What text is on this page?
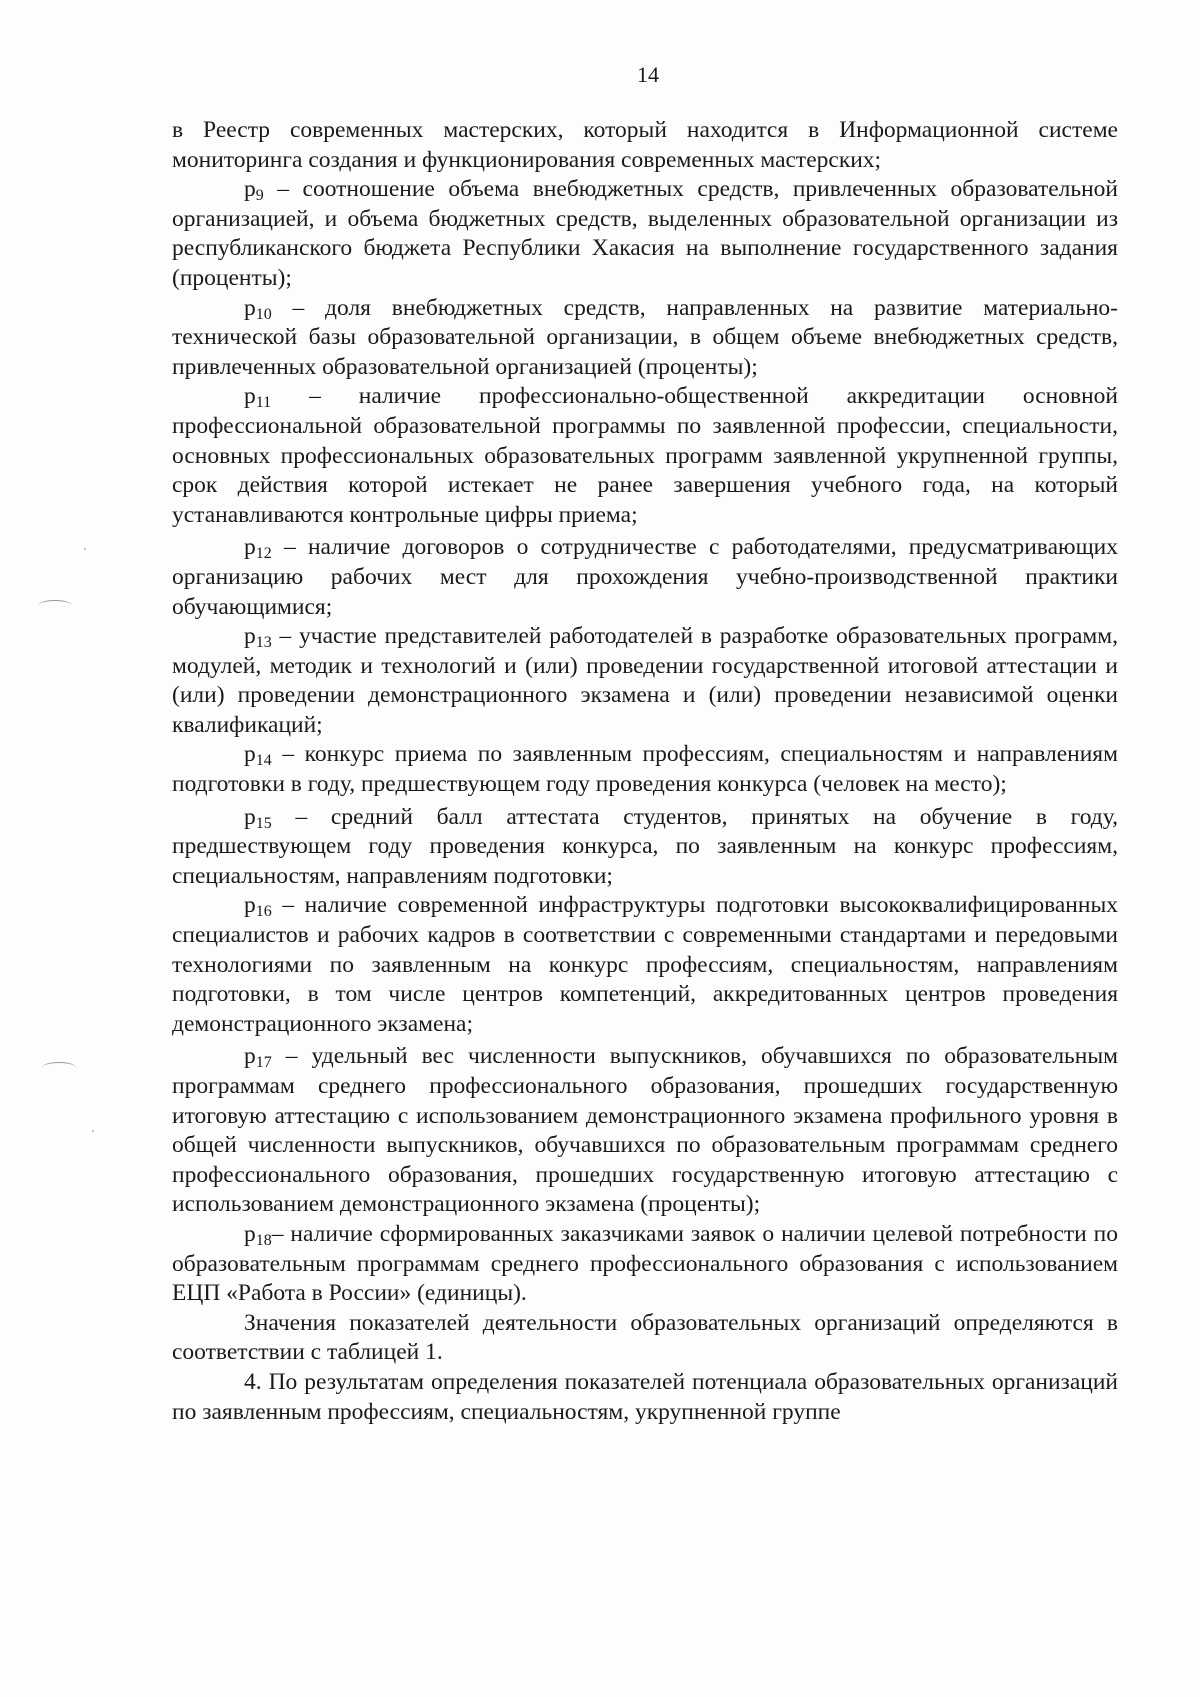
14

в Реестр современных мастерских, который находится в Информационной системе мониторинга создания и функционирования современных мастерских;

$p_9$ – соотношение объема внебюджетных средств, привлеченных образовательной организацией, и объема бюджетных средств, выделенных образовательной организации из республиканского бюджета Республики Хакасия на выполнение государственного задания (проценты);

$p_{10}$ – доля внебюджетных средств, направленных на развитие материально-технической базы образовательной организации, в общем объеме внебюджетных средств, привлеченных образовательной организацией (проценты);

$p_{11}$ – наличие профессионально-общественной аккредитации основной профессиональной образовательной программы по заявленной профессии, специальности, основных профессиональных образовательных программ заявленной укрупненной группы, срок действия которой истекает не ранее завершения учебного года, на который устанавливаются контрольные цифры приема;

$p_{12}$ – наличие договоров о сотрудничестве с работодателями, предусматривающих организацию рабочих мест для прохождения учебно-производственной практики обучающимися;

$p_{13}$ – участие представителей работодателей в разработке образовательных программ, модулей, методик и технологий и (или) проведении государственной итоговой аттестации и (или) проведении демонстрационного экзамена и (или) проведении независимой оценки квалификаций;

$p_{14}$ – конкурс приема по заявленным профессиям, специальностям и направлениям подготовки в году, предшествующем году проведения конкурса (человек на место);

$p_{15}$ – средний балл аттестата студентов, принятых на обучение в году, предшествующем году проведения конкурса, по заявленным на конкурс профессиям, специальностям, направлениям подготовки;

$p_{16}$ – наличие современной инфраструктуры подготовки высококвалифицированных специалистов и рабочих кадров в соответствии с современными стандартами и передовыми технологиями по заявленным на конкурс профессиям, специальностям, направлениям подготовки, в том числе центров компетенций, аккредитованных центров проведения демонстрационного экзамена;

$p_{17}$ – удельный вес численности выпускников, обучавшихся по образовательным программам среднего профессионального образования, прошедших государственную итоговую аттестацию с использованием демонстрационного экзамена профильного уровня в общей численности выпускников, обучавшихся по образовательным программам среднего профессионального образования, прошедших государственную итоговую аттестацию с использованием демонстрационного экзамена (проценты);

$p_{18}-$ наличие сформированных заказчиками заявок о наличии целевой потребности по образовательным программам среднего профессионального образования с использованием ЕЦП «Работа в России» (единицы).

Значения показателей деятельности образовательных организаций определяются в соответствии с таблицей 1.

4. По результатам определения показателей потенциала образовательных организаций по заявленным профессиям, специальностям, укрупненной группе
